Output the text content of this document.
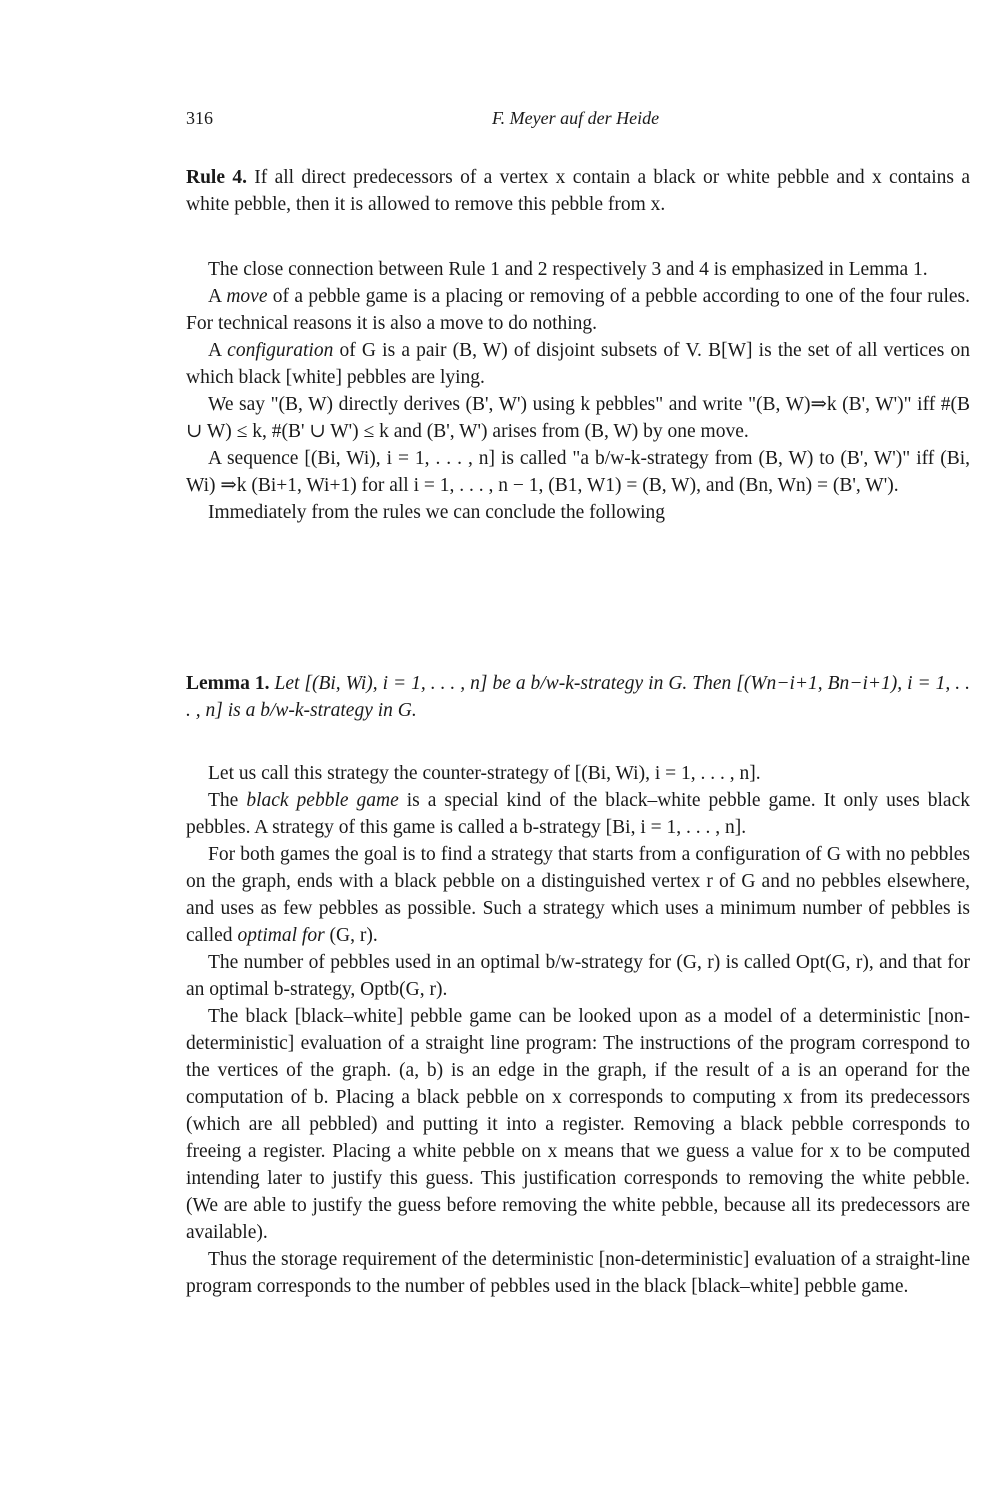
316	F. Meyer auf der Heide

Rule 4. If all direct predecessors of a vertex x contain a black or white pebble and x contains a white pebble, then it is allowed to remove this pebble from x.

The close connection between Rule 1 and 2 respectively 3 and 4 is emphasized in Lemma 1.

A move of a pebble game is a placing or removing of a pebble according to one of the four rules. For technical reasons it is also a move to do nothing.

A configuration of G is a pair (B, W) of disjoint subsets of V. B[W] is the set of all vertices on which black [white] pebbles are lying.

We say "(B, W) directly derives (B', W') using k pebbles" and write "(B, W)⇒k (B', W')" iff #(B ∪ W) ≤ k, #(B' ∪ W') ≤ k and (B', W') arises from (B, W) by one move.

A sequence [(Bi, Wi), i = 1, . . . , n] is called "a b/w-k-strategy from (B, W) to (B', W')" iff (Bi, Wi) ⇒k (Bi+1, Wi+1) for all i = 1, . . . , n − 1, (B1, W1) = (B, W), and (Bn, Wn) = (B', W').

Immediately from the rules we can conclude the following

Lemma 1. Let [(Bi, Wi), i = 1, . . . , n] be a b/w-k-strategy in G. Then [(Wn−i+1, Bn−i+1), i = 1, . . . , n] is a b/w-k-strategy in G.

Let us call this strategy the counter-strategy of [(Bi, Wi), i = 1, . . . , n].

The black pebble game is a special kind of the black–white pebble game. It only uses black pebbles. A strategy of this game is called a b-strategy [Bi, i = 1, . . . , n].

For both games the goal is to find a strategy that starts from a configuration of G with no pebbles on the graph, ends with a black pebble on a distinguished vertex r of G and no pebbles elsewhere, and uses as few pebbles as possible. Such a strategy which uses a minimum number of pebbles is called optimal for (G, r).

The number of pebbles used in an optimal b/w-strategy for (G, r) is called Opt(G, r), and that for an optimal b-strategy, Optb(G, r).

The black [black–white] pebble game can be looked upon as a model of a deterministic [non-deterministic] evaluation of a straight line program: The instructions of the program correspond to the vertices of the graph. (a, b) is an edge in the graph, if the result of a is an operand for the computation of b. Placing a black pebble on x corresponds to computing x from its predecessors (which are all pebbled) and putting it into a register. Removing a black pebble corresponds to freeing a register. Placing a white pebble on x means that we guess a value for x to be computed intending later to justify this guess. This justification corresponds to removing the white pebble. (We are able to justify the guess before removing the white pebble, because all its predecessors are available).

Thus the storage requirement of the deterministic [non-deterministic] evaluation of a straight-line program corresponds to the number of pebbles used in the black [black–white] pebble game.
